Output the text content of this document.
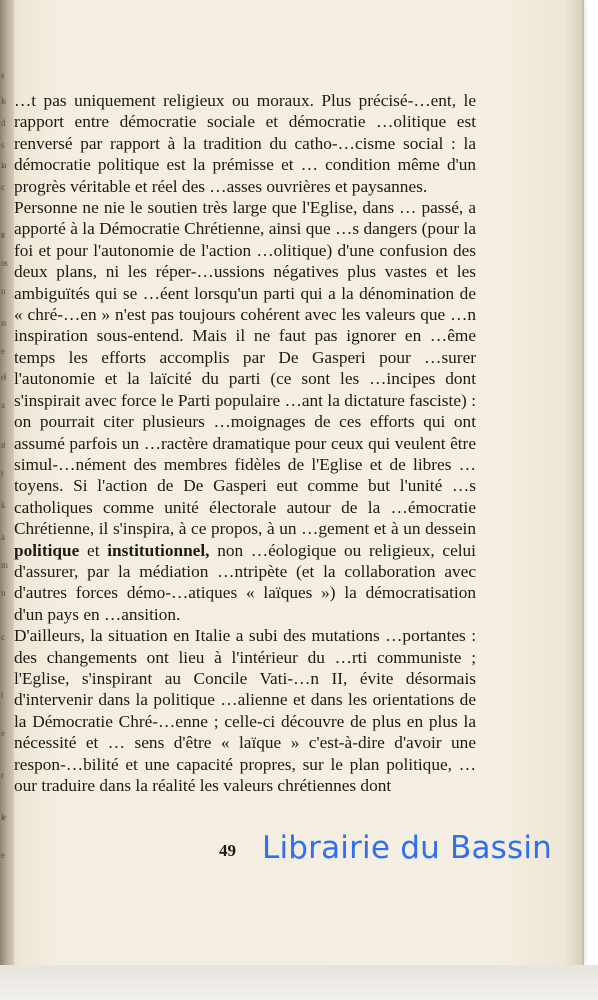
s
ls
d
s
ia
c
tr
ns
u
rs
e
el
a
ri
r
k
a
m
n
c
t
e
r
le
e

…t pas uniquement religieux ou moraux. Plus précisé-…ent, le rapport entre démocratie sociale et démocratie …olitique est renversé par rapport à la tradition du catho-…cisme social : la démocratie politique est la prémisse et … condition même d'un progrès véritable et réel des …asses ouvrières et paysannes.

Personne ne nie le soutien très large que l'Eglise, dans … passé, a apporté à la Démocratie Chrétienne, ainsi que …s dangers (pour la foi et pour l'autonomie de l'action …olitique) d'une confusion des deux plans, ni les réper-…ussions négatives plus vastes et les ambiguïtés qui se …éent lorsqu'un parti qui a la dénomination de « chré-…en » n'est pas toujours cohérent avec les valeurs que …n inspiration sous-entend. Mais il ne faut pas ignorer en …ême temps les efforts accomplis par De Gasperi pour …surer l'autonomie et la laïcité du parti (ce sont les …incipes dont s'inspirait avec force le Parti populaire …ant la dictature fasciste) : on pourrait citer plusieurs …moignages de ces efforts qui ont assumé parfois un …ractère dramatique pour ceux qui veulent être simul-…nément des membres fidèles de l'Eglise et de libres …toyens. Si l'action de De Gasperi eut comme but l'unité …s catholiques comme unité électorale autour de la …émocratie Chrétienne, il s'inspira, à ce propos, à un …gement et à un dessein politique et institutionnel, non …éologique ou religieux, celui d'assurer, par la médiation …ntripète (et la collaboration avec d'autres forces démo-…atiques « laïques ») la démocratisation d'un pays en …ansition.

D'ailleurs, la situation en Italie a subi des mutations …portantes : des changements ont lieu à l'intérieur du …rti communiste ; l'Eglise, s'inspirant au Concile Vati-…n II, évite désormais d'intervenir dans la politique …alienne et dans les orientations de la Démocratie Chré-…enne ; celle-ci découvre de plus en plus la nécessité et … sens d'être « laïque » c'est-à-dire d'avoir une respon-…bilité et une capacité propres, sur le plan politique, …our traduire dans la réalité les valeurs chrétiennes dont

49 Librairie du Bassin
